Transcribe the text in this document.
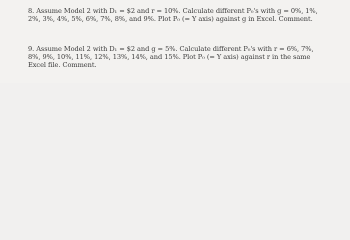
8. Assume Model 2 with D₁ = $2 and r = 10%. Calculate different P₀'s with g = 0%, 1%,
2%, 3%, 4%, 5%, 6%, 7%, 8%, and 9%. Plot P₀ (= Y axis) against g in Excel. Comment.
9. Assume Model 2 with D₁ = $2 and g = 5%. Calculate different P₀'s with r = 6%, 7%,
8%, 9%, 10%, 11%, 12%, 13%, 14%, and 15%. Plot P₀ (= Y axis) against r in the same
Excel file. Comment.
